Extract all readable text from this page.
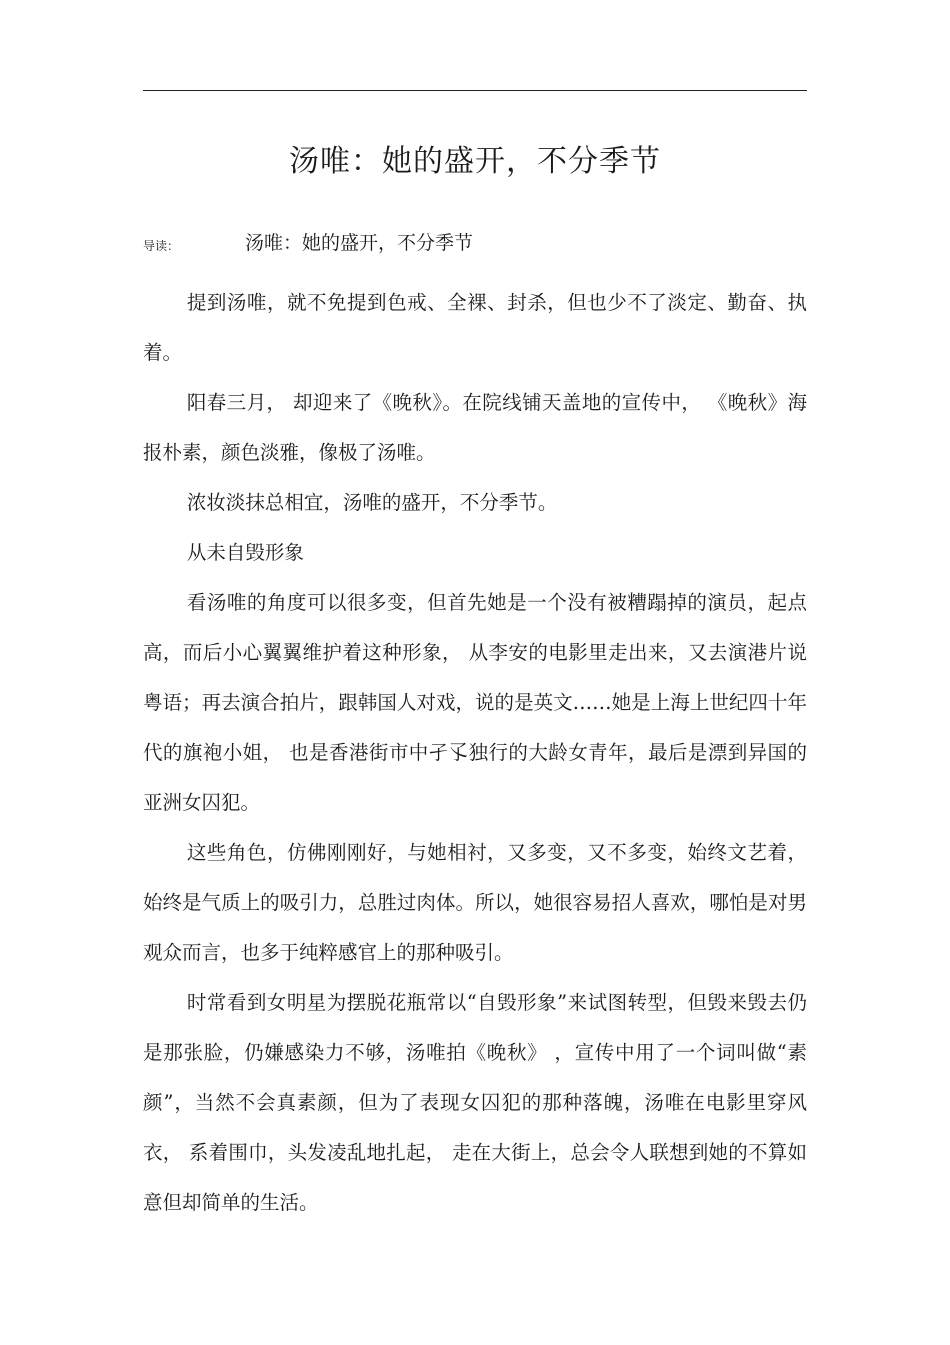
汤唯：她的盛开，不分季节
导读：	汤唯：她的盛开，不分季节

提到汤唯，就不免提到色戒、全裸、封杀，但也少不了淡定、勤奋、执着。

阳春三月， 却迎来了《晚秋》。在院线铺天盖地的宣传中， 《晚秋》海报朴素，颜色淡雅，像极了汤唯。

浓妆淡抹总相宜，汤唯的盛开，不分季节。

从未自毁形象

看汤唯的角度可以很多变，但首先她是一个没有被糟蹋掉的演员，起点高，而后小心翼翼维护着这种形象， 从李安的电影里走出来，又去演港片说粤语；再去演合拍片，跟韩国人对戏，说的是英文……她是上海上世纪四十年代的旗袍小姐， 也是香港街市中孑孓独行的大龄女青年，最后是漂到异国的亚洲女囚犯。

这些角色，仿佛刚刚好，与她相衬，又多变，又不多变，始终文艺着，始终是气质上的吸引力，总胜过肉体。所以，她很容易招人喜欢，哪怕是对男观众而言，也多于纯粹感官上的那种吸引。

时常看到女明星为摆脱花瓶常以“自毁形象”来试图转型，但毁来毁去仍是那张脸，仍嫌感染力不够，汤唯拍《晚秋》 ，宣传中用了一个词叫做“素颜”，当然不会真素颜，但为了表现女囚犯的那种落魄，汤唯在电影里穿风衣， 系着围巾，头发凌乱地扎起， 走在大街上，总会令人联想到她的不算如意但却简单的生活。
